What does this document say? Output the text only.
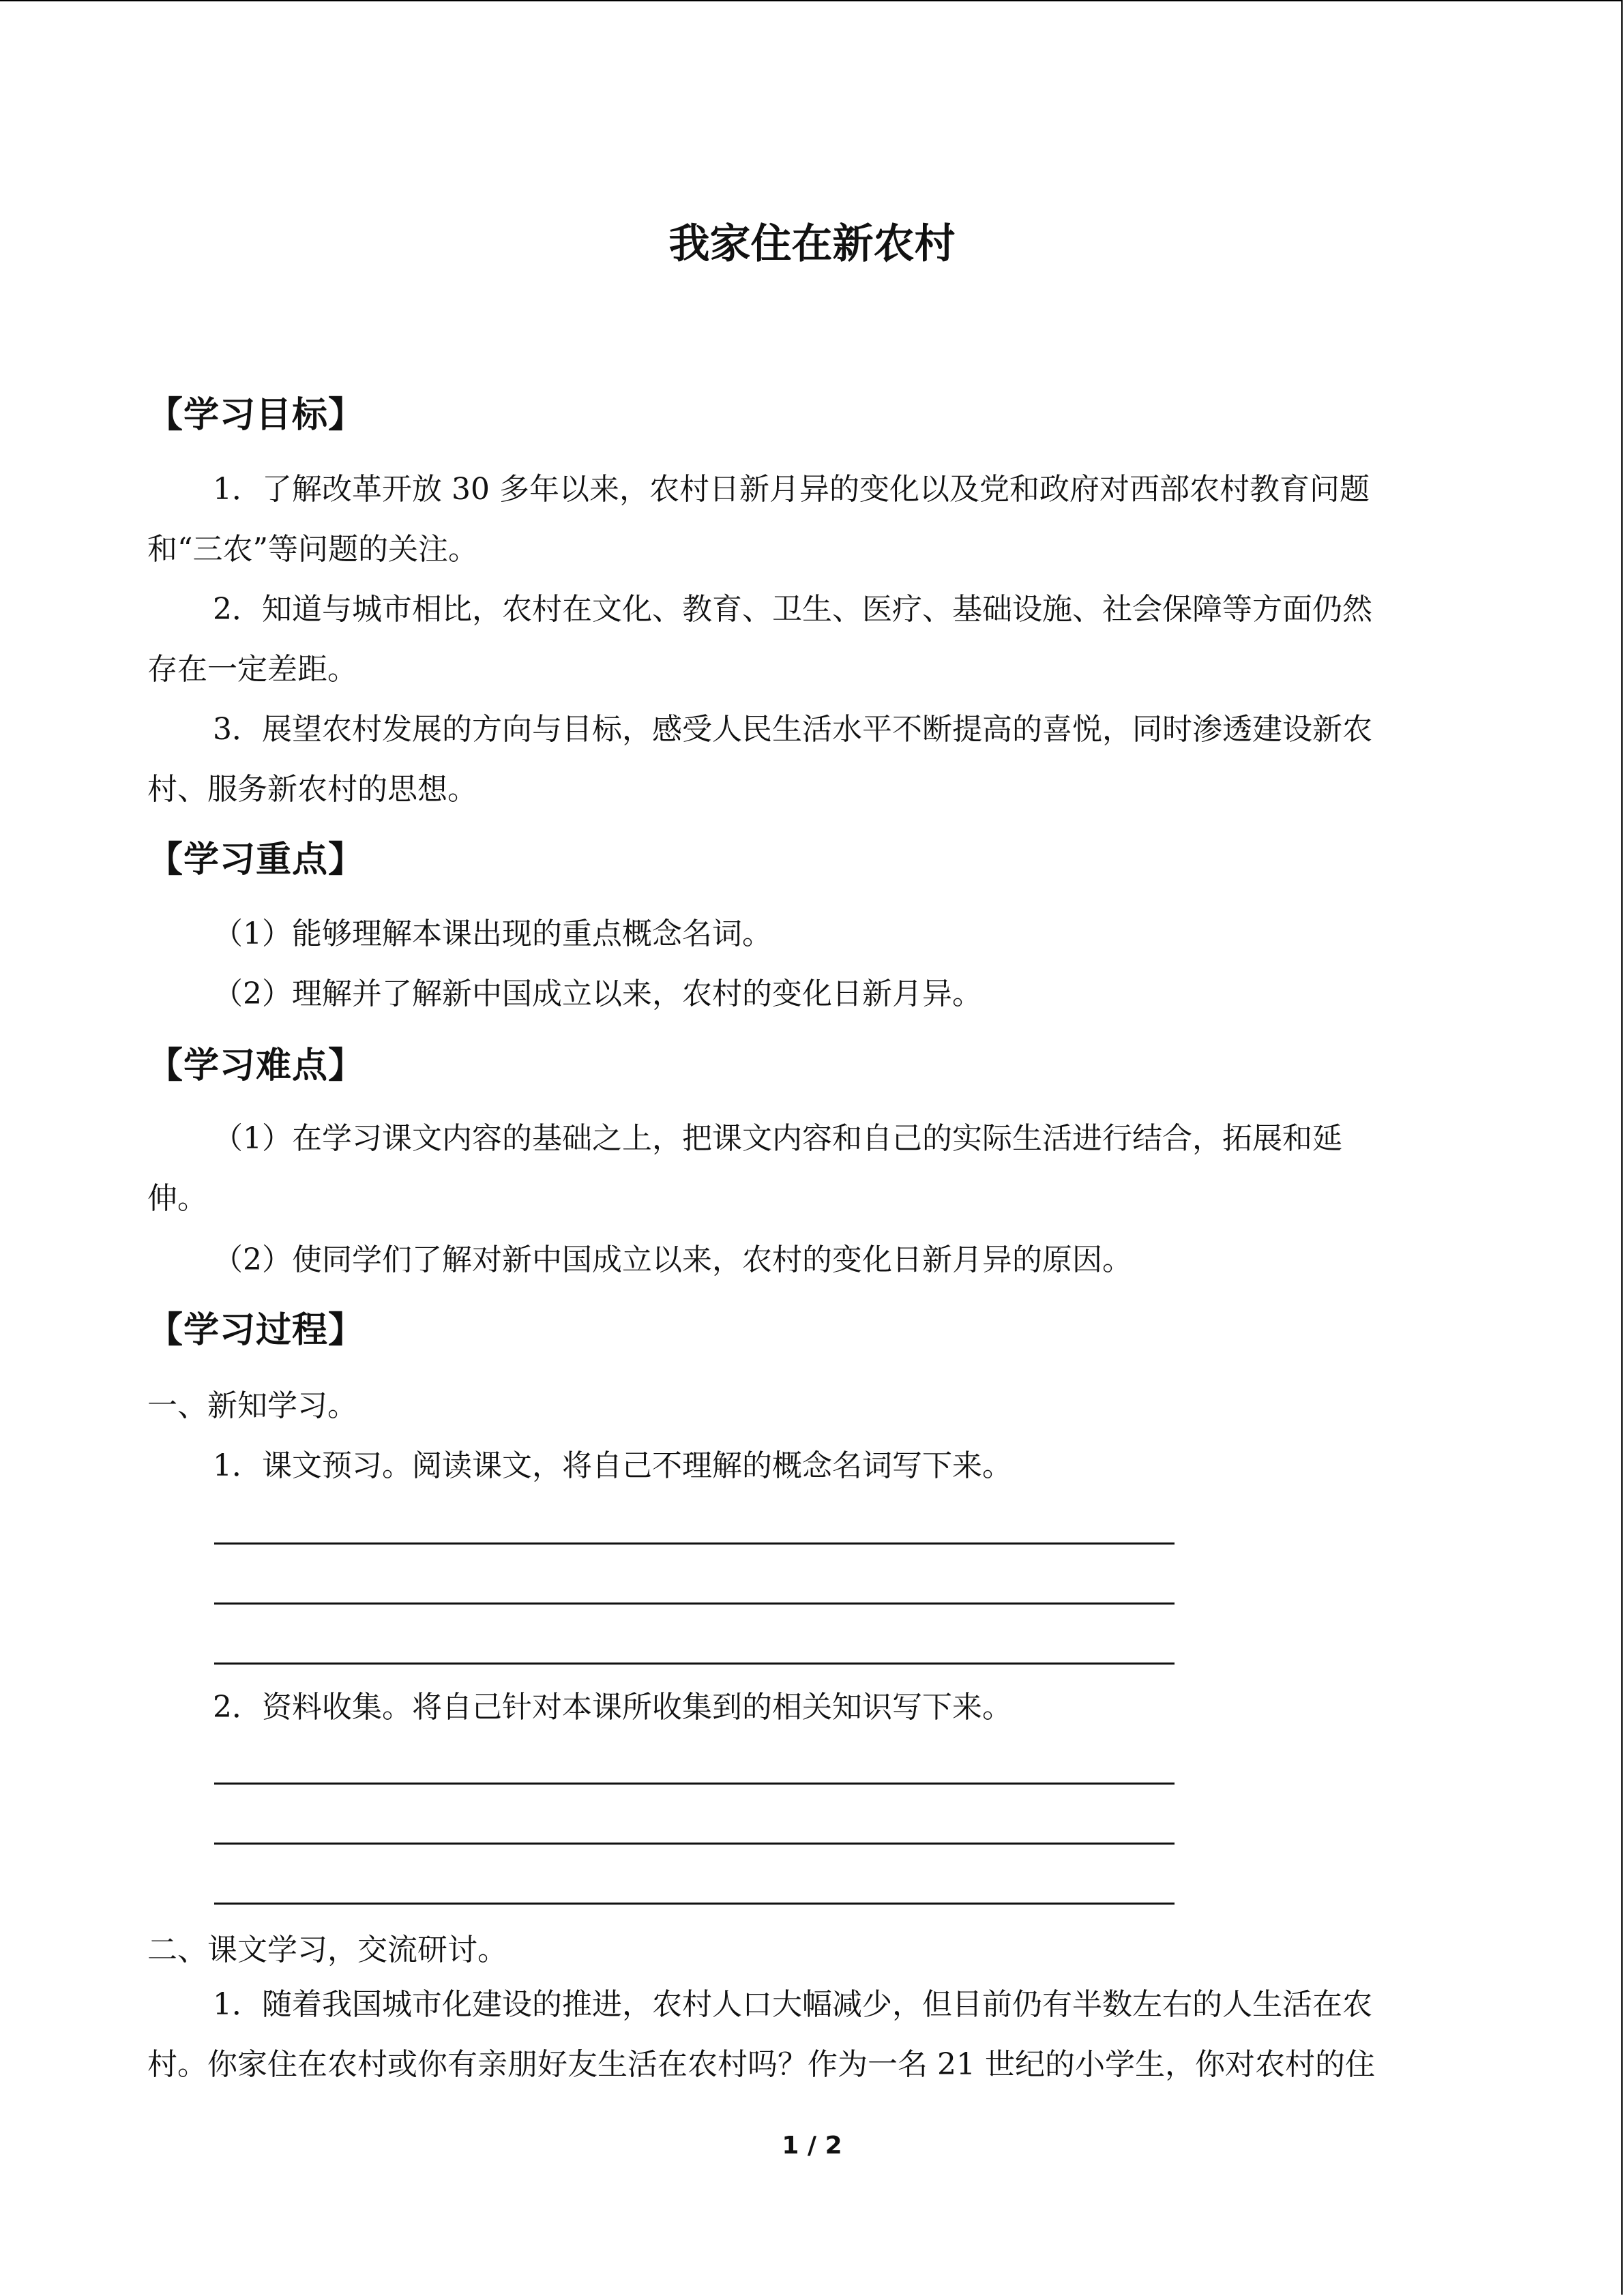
我家住在新农村
【学习目标】
1．了解改革开放 30 多年以来，农村日新月异的变化以及党和政府对西部农村教育问题
和“三农”等问题的关注。
2．知道与城市相比，农村在文化、教育、卫生、医疗、基础设施、社会保障等方面仍然
存在一定差距。
3．展望农村发展的方向与目标，感受人民生活水平不断提高的喜悦，同时渗透建设新农
村、服务新农村的思想。
【学习重点】
（1）能够理解本课出现的重点概念名词。
（2）理解并了解新中国成立以来，农村的变化日新月异。
【学习难点】
（1）在学习课文内容的基础之上，把课文内容和自己的实际生活进行结合，拓展和延
伸。
（2）使同学们了解对新中国成立以来，农村的变化日新月异的原因。
【学习过程】
一、新知学习。
1．课文预习。阅读课文，将自己不理解的概念名词写下来。
2．资料收集。将自己针对本课所收集到的相关知识写下来。
二、课文学习，交流研讨。
1．随着我国城市化建设的推进，农村人口大幅减少，但目前仍有半数左右的人生活在农
村。你家住在农村或你有亲朋好友生活在农村吗？作为一名 21 世纪的小学生，你对农村的住
1 / 2
